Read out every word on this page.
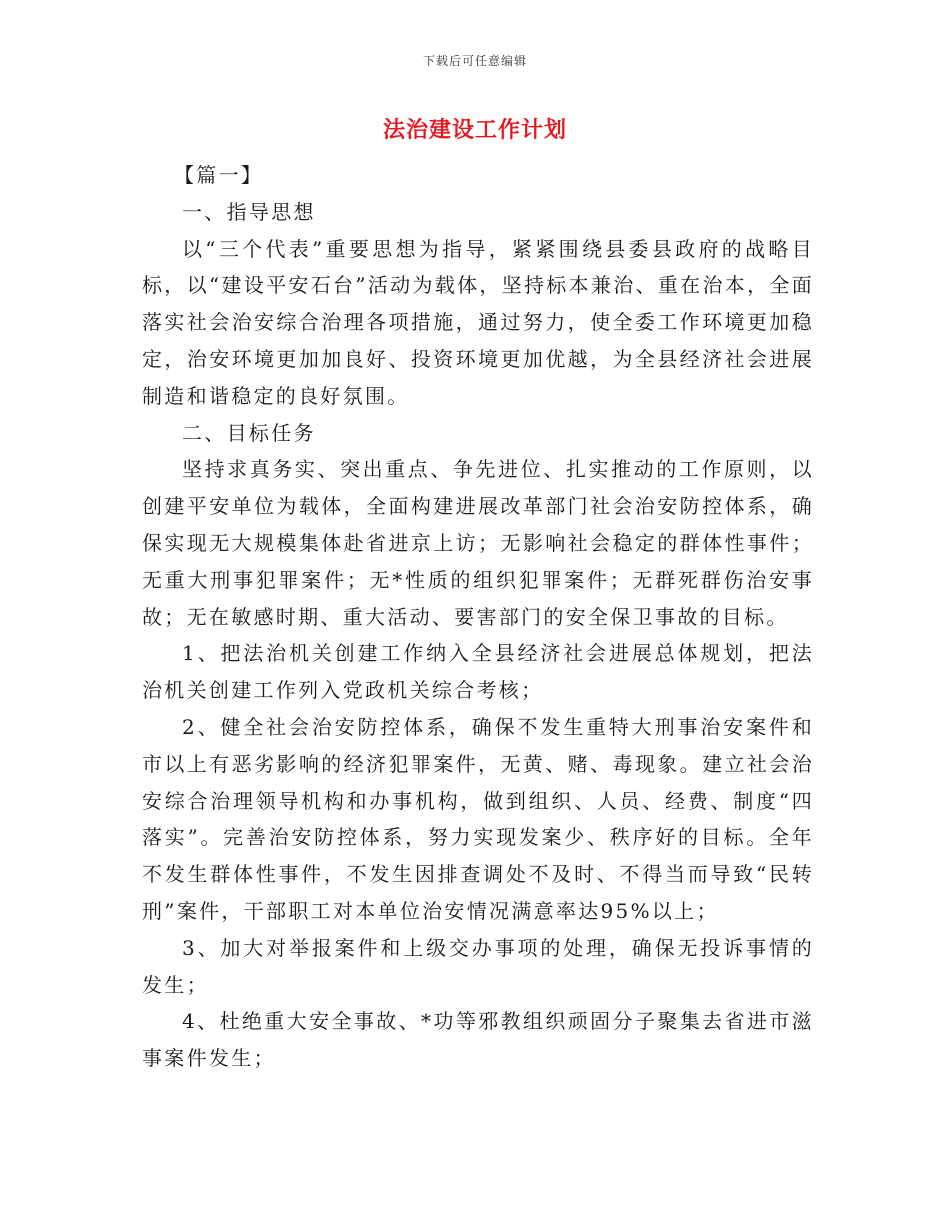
下载后可任意编辑
法治建设工作计划

【篇一】

一、指导思想

以“三个代表”重要思想为指导，紧紧围绕县委县政府的战略目标，以“建设平安石台”活动为载体，坚持标本兼治、重在治本，全面落实社会治安综合治理各项措施，通过努力，使全委工作环境更加稳定，治安环境更加加良好、投资环境更加优越，为全县经济社会进展制造和谐稳定的良好氛围。

二、目标任务

坚持求真务实、突出重点、争先进位、扎实推动的工作原则，以创建平安单位为载体，全面构建进展改革部门社会治安防控体系，确保实现无大规模集体赴省进京上访；无影响社会稳定的群体性事件；无重大刑事犯罪案件；无*性质的组织犯罪案件；无群死群伤治安事故；无在敏感时期、重大活动、要害部门的安全保卫事故的目标。

1、把法治机关创建工作纳入全县经济社会进展总体规划，把法治机关创建工作列入党政机关综合考核；

2、健全社会治安防控体系，确保不发生重特大刑事治安案件和市以上有恶劣影响的经济犯罪案件，无黄、赌、毒现象。建立社会治安综合治理领导机构和办事机构，做到组织、人员、经费、制度“四落实”。完善治安防控体系，努力实现发案少、秩序好的目标。全年不发生群体性事件，不发生因排查调处不及时、不得当而导致“民转刑”案件，干部职工对本单位治安情况满意率达95%以上；

3、加大对举报案件和上级交办事项的处理，确保无投诉事情的发生；

4、杜绝重大安全事故、*功等邪教组织顽固分子聚集去省进市滋事案件发生；
